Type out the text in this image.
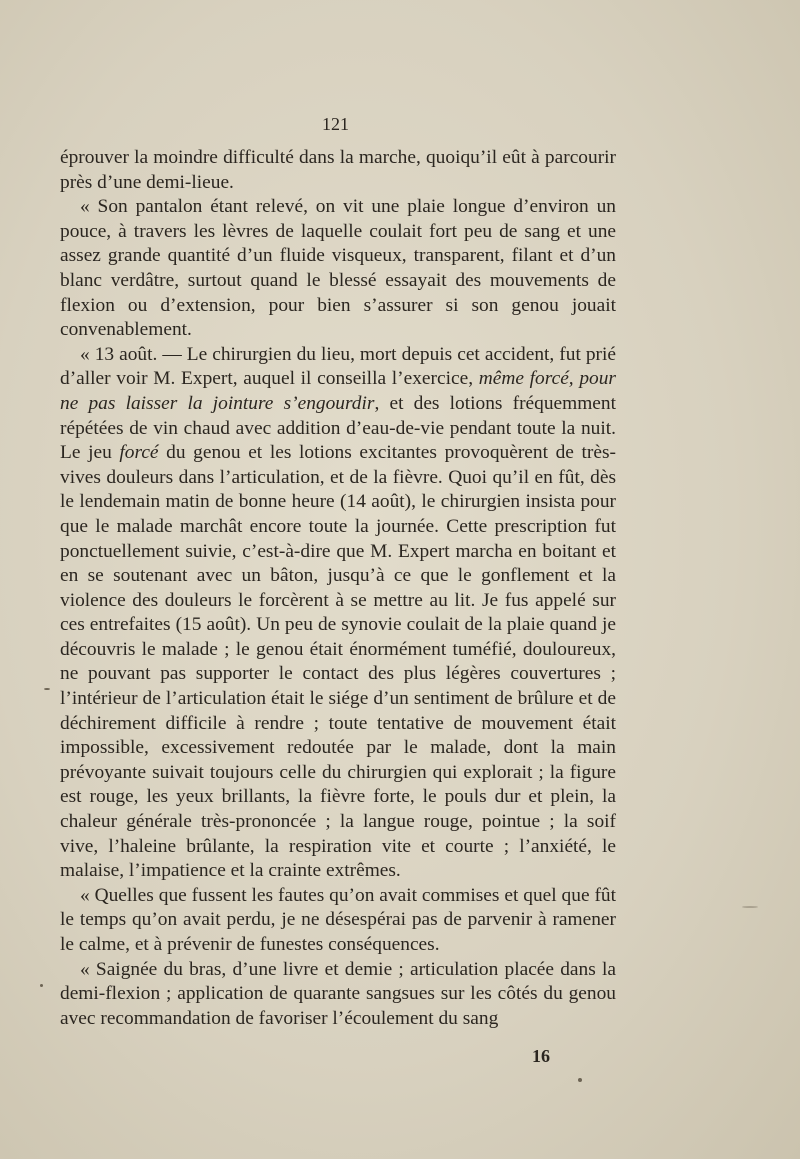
121

éprouver la moindre difficulté dans la marche, quoiqu’il eût à parcourir près d’une demi-lieue.

« Son pantalon étant relevé, on vit une plaie longue d’environ un pouce, à travers les lèvres de laquelle coulait fort peu de sang et une assez grande quantité d’un fluide visqueux, transparent, filant et d’un blanc verdâtre, surtout quand le blessé essayait des mouvements de flexion ou d’extension, pour bien s’assurer si son genou jouait convenablement.

« 13 août. — Le chirurgien du lieu, mort depuis cet accident, fut prié d’aller voir M. Expert, auquel il conseilla l’exercice, même forcé, pour ne pas laisser la jointure s’engourdir, et des lotions fréquemment répétées de vin chaud avec addition d’eau-de-vie pendant toute la nuit. Le jeu forcé du genou et les lotions excitantes provoquèrent de très-vives douleurs dans l’articulation, et de la fièvre. Quoi qu’il en fût, dès le lendemain matin de bonne heure (14 août), le chirurgien insista pour que le malade marchât encore toute la journée. Cette prescription fut ponctuellement suivie, c’est-à-dire que M. Expert marcha en boitant et en se soutenant avec un bâton, jusqu’à ce que le gonflement et la violence des douleurs le forcèrent à se mettre au lit. Je fus appelé sur ces entrefaites (15 août). Un peu de synovie coulait de la plaie quand je découvris le malade ; le genou était énormément tuméfié, douloureux, ne pouvant pas supporter le contact des plus légères couvertures ; l’intérieur de l’articulation était le siége d’un sentiment de brûlure et de déchirement difficile à rendre ; toute tentative de mouvement était impossible, excessivement redoutée par le malade, dont la main prévoyante suivait toujours celle du chirurgien qui explorait ; la figure est rouge, les yeux brillants, la fièvre forte, le pouls dur et plein, la chaleur générale très-prononcée ; la langue rouge, pointue ; la soif vive, l’haleine brûlante, la respiration vite et courte ; l’anxiété, le malaise, l’impatience et la crainte extrêmes.

« Quelles que fussent les fautes qu’on avait commises et quel que fût le temps qu’on avait perdu, je ne désespérai pas de parvenir à ramener le calme, et à prévenir de funestes conséquences.

« Saignée du bras, d’une livre et demie ; articulation placée dans la demi-flexion ; application de quarante sangsues sur les côtés du genou avec recommandation de favoriser l’écoulement du sang

16
